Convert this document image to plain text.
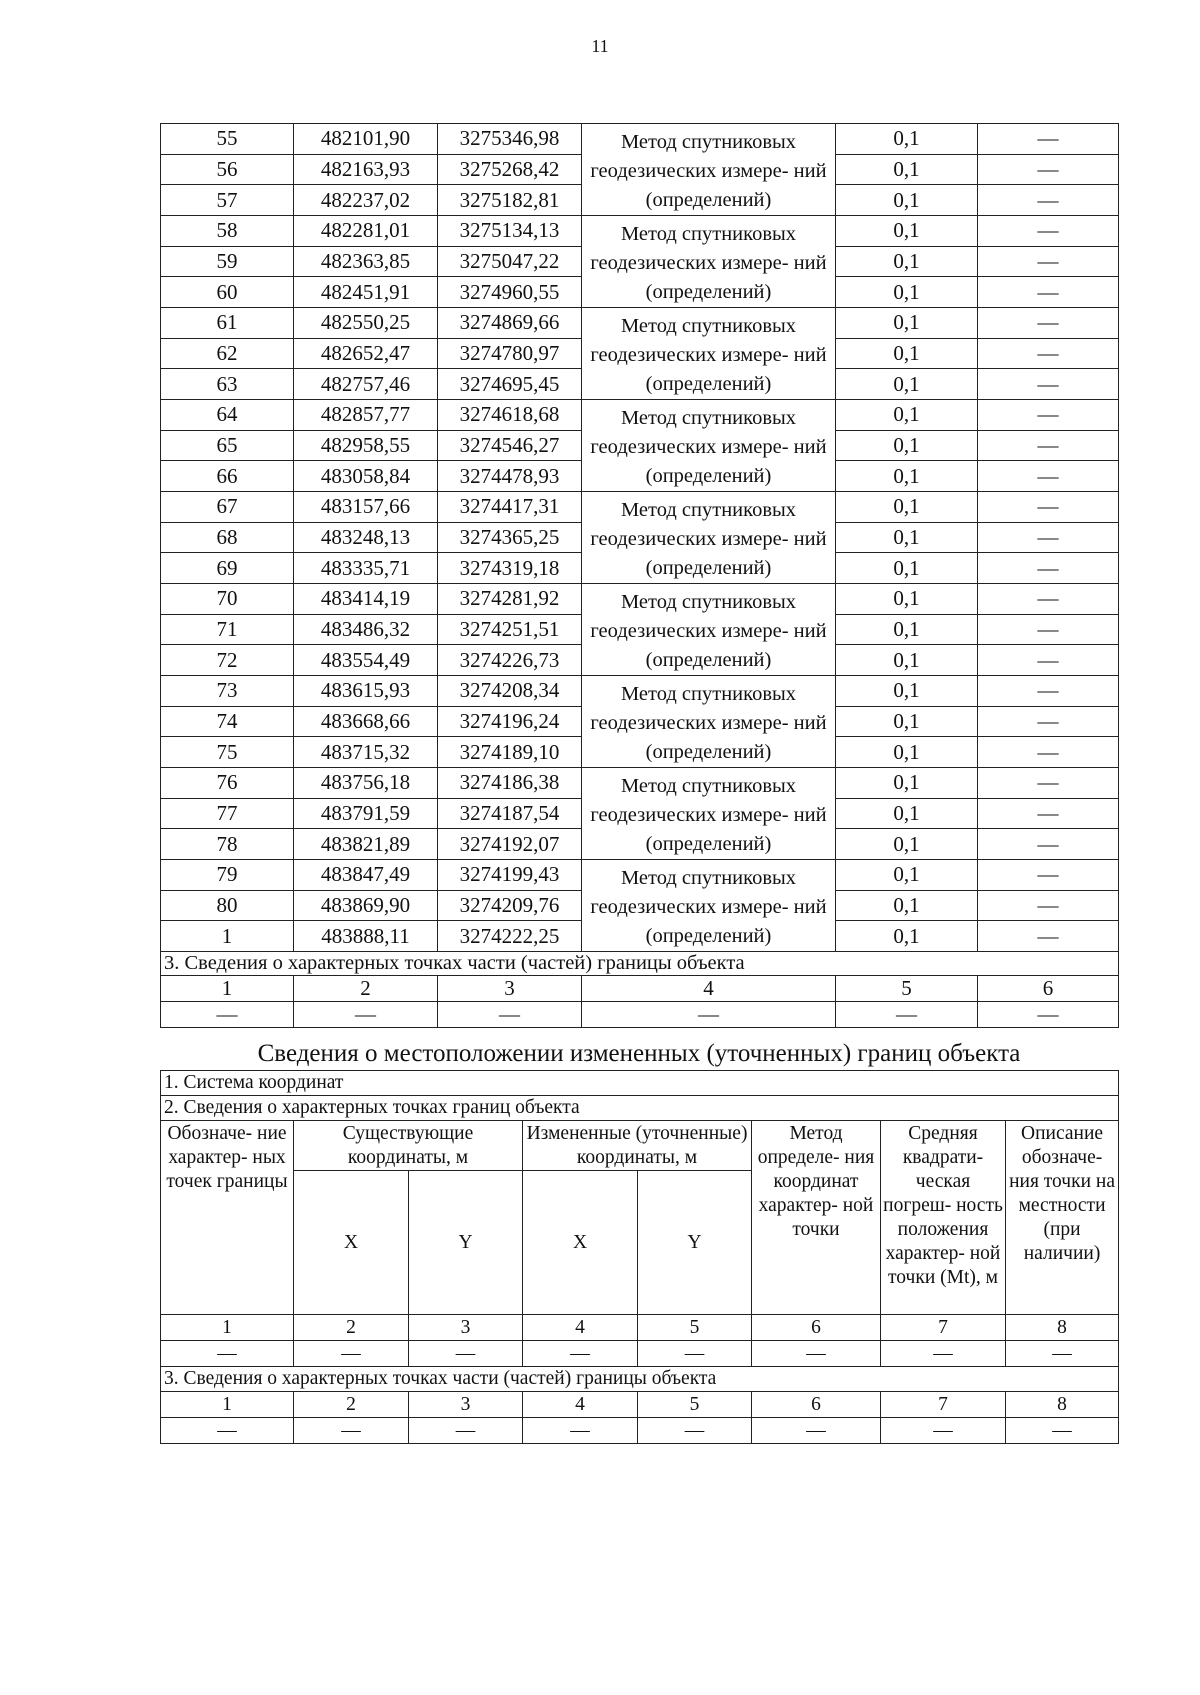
11
55	482101,90	3275346,98	Метод спутниковых геодезических измере- ний (определений)	0,1	—
56	482163,93	3275268,42		0,1	—
57	482237,02	3275182,81		0,1	—
58	482281,01	3275134,13	Метод спутниковых геодезических измере- ний (определений)	0,1	—
59	482363,85	3275047,22		0,1	—
60	482451,91	3274960,55		0,1	—
61	482550,25	3274869,66	Метод спутниковых геодезических измере- ний (определений)	0,1	—
62	482652,47	3274780,97		0,1	—
63	482757,46	3274695,45		0,1	—
64	482857,77	3274618,68	Метод спутниковых геодезических измере- ний (определений)	0,1	—
65	482958,55	3274546,27		0,1	—
66	483058,84	3274478,93		0,1	—
67	483157,66	3274417,31	Метод спутниковых геодезических измере- ний (определений)	0,1	—
68	483248,13	3274365,25		0,1	—
69	483335,71	3274319,18		0,1	—
70	483414,19	3274281,92	Метод спутниковых геодезических измере- ний (определений)	0,1	—
71	483486,32	3274251,51		0,1	—
72	483554,49	3274226,73		0,1	—
73	483615,93	3274208,34	Метод спутниковых геодезических измере- ний (определений)	0,1	—
74	483668,66	3274196,24		0,1	—
75	483715,32	3274189,10		0,1	—
76	483756,18	3274186,38	Метод спутниковых геодезических измере- ний (определений)	0,1	—
77	483791,59	3274187,54		0,1	—
78	483821,89	3274192,07		0,1	—
79	483847,49	3274199,43	Метод спутниковых геодезических измере- ний (определений)	0,1	—
80	483869,90	3274209,76		0,1	—
1	483888,11	3274222,25		0,1	—
3. Сведения о характерных точках части (частей) границы объекта					
1	2	3	4	5	6
—	—	—	—	—	—
Сведения о местоположении измененных (уточненных) границ объекта
1. Система координат							
2. Сведения о характерных точках границ объекта							
Обозначе- ние характер- ных точек границы	Существующие координаты, м		Измененные (уточненные) координаты, м		Метод определе- ния координат характер- ной точки	Средняя квадрати- ческая погреш- ность положения характер- ной точки (Mt), м	Описание обозначе- ния точки на местности (при наличии)
	X	Y	X	Y			
1	2	3	4	5	6	7	8
—	—	—	—	—	—	—	—
3. Сведения о характерных точках части (частей) границы объекта							
1	2	3	4	5	6	7	8
—	—	—	—	—	—	—	—
